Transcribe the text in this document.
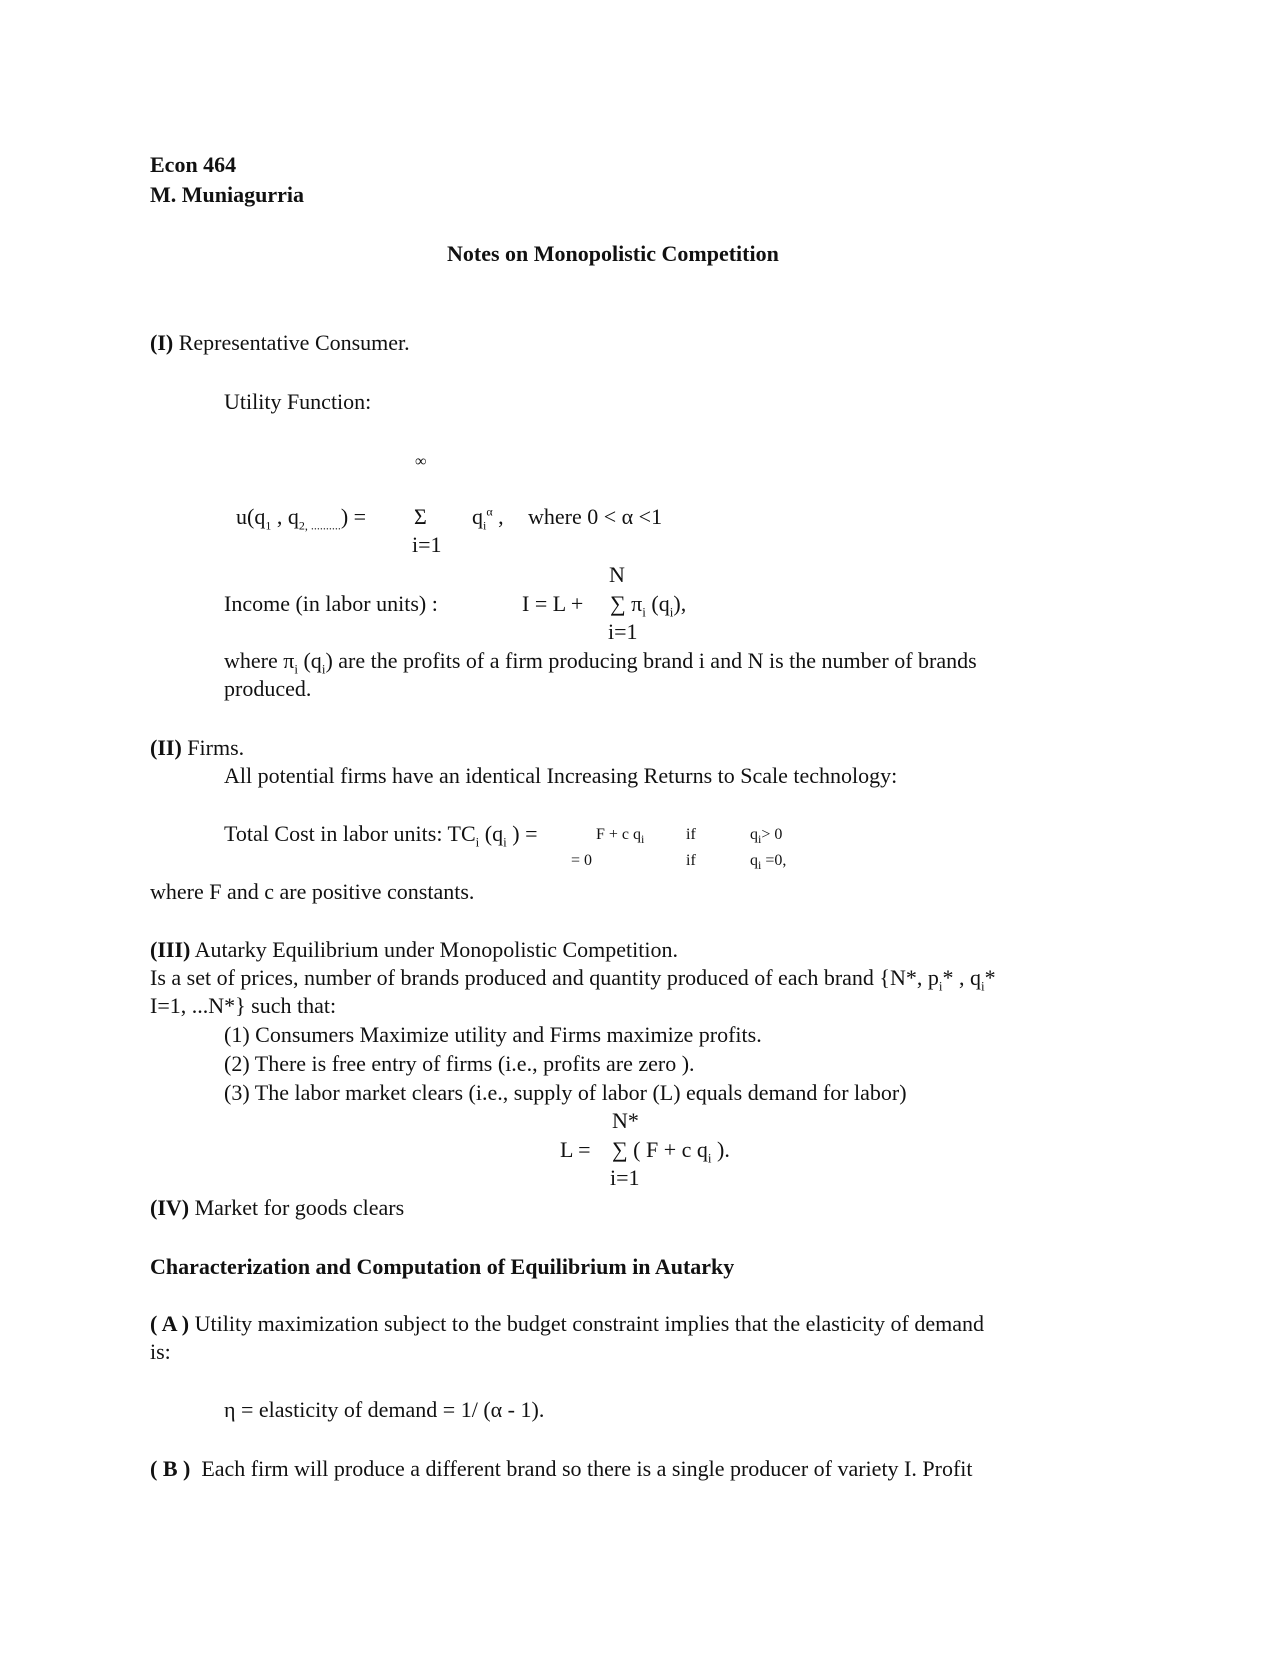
Econ 464
M. Muniagurria
Notes on Monopolistic Competition
(I) Representative Consumer.
Utility Function:
∞
$u(q_1$ , $q_{2, ..........}) = \Sigma$ $q_i^\alpha$ , where 0 < α <1
i=1
N
Income (in labor units) :	I = L + ∑ $\pi_i$ $(q_i)$,
i=1
where $\pi_i$ $(q_i)$ are the profits of a firm producing brand i and N is the number of brands
produced.
(II) Firms.
All potential firms have an identical Increasing Returns to Scale technology:
Total Cost in labor units: $TC_i$ ($q_i$ ) =	F + c $q_i$	if	$q_i> 0$
= 0	if	$q_i =0$,
where F and c are positive constants.
(III) Autarky Equilibrium under Monopolistic Competition.
Is a set of prices, number of brands produced and quantity produced of each brand {N*, $p_i*$ , $q_i*$
I=1, ...N*} such that:
(1) Consumers Maximize utility and Firms maximize profits.
(2) There is free entry of firms (i.e., profits are zero ).
(3) The labor market clears (i.e., supply of labor (L) equals demand for labor)
N*
L = ∑ ( F + c $q_i$ ).
i=1
(IV) Market for goods clears
Characterization and Computation of Equilibrium in Autarky
( A ) Utility maximization subject to the budget constraint implies that the elasticity of demand
is:
η = elasticity of demand = 1/ (α - 1).
( B ) Each firm will produce a different brand so there is a single producer of variety I. Profit
